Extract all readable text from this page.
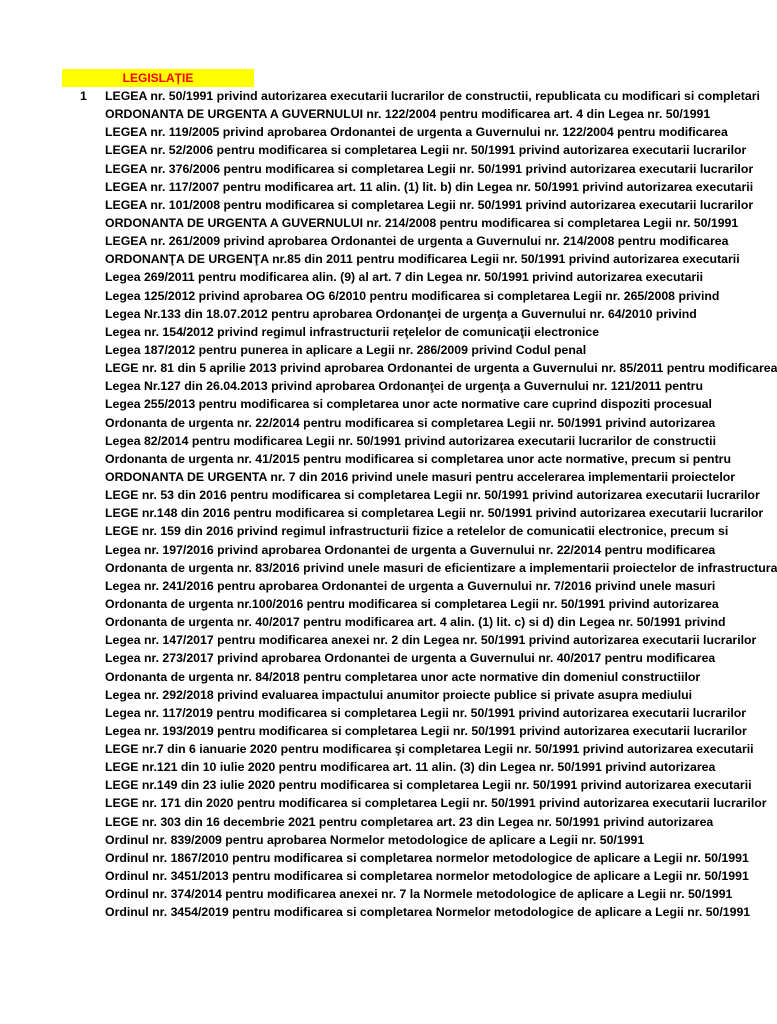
LEGISLAȚIE
1 LEGEA nr. 50/1991 privind autorizarea executarii lucrarilor de constructii, republicata cu modificari si completari
ORDONANTA DE URGENTA A GUVERNULUI nr. 122/2004 pentru modificarea art. 4 din Legea nr. 50/1991
LEGEA nr. 119/2005 privind aprobarea Ordonantei de urgenta a Guvernului nr. 122/2004 pentru modificarea
LEGEA nr. 52/2006 pentru modificarea si completarea Legii nr. 50/1991 privind autorizarea executarii lucrarilor
LEGEA nr. 376/2006 pentru modificarea si completarea Legii nr. 50/1991 privind autorizarea executarii lucrarilor
LEGEA nr. 117/2007 pentru modificarea art. 11 alin. (1) lit. b) din Legea nr. 50/1991 privind autorizarea executarii
LEGEA nr. 101/2008 pentru modificarea si completarea Legii nr. 50/1991 privind autorizarea executarii lucrarilor
ORDONANTA DE URGENTA A GUVERNULUI nr. 214/2008 pentru modificarea si completarea Legii nr. 50/1991
LEGEA nr. 261/2009 privind aprobarea Ordonantei de urgenta a Guvernului nr. 214/2008 pentru modificarea
ORDONANŢA DE URGENŢA nr.85 din 2011 pentru modificarea Legii nr. 50/1991 privind autorizarea executarii
Legea 269/2011 pentru modificarea alin. (9) al art. 7 din Legea nr. 50/1991 privind autorizarea executarii
Legea 125/2012 privind aprobarea OG 6/2010 pentru modificarea si completarea Legii nr. 265/2008 privind
Legea Nr.133 din 18.07.2012 pentru aprobarea Ordonanţei de urgenţa a Guvernului nr. 64/2010 privind
Legea nr. 154/2012 privind regimul infrastructurii reţelelor de comunicaţii electronice
Legea 187/2012 pentru punerea in aplicare a Legii nr. 286/2009 privind Codul penal
LEGE nr. 81 din 5 aprilie 2013 privind aprobarea Ordonantei de urgenta a Guvernului nr. 85/2011 pentru modificarea
Legea Nr.127 din 26.04.2013 privind aprobarea Ordonanţei de urgenţa a Guvernului nr. 121/2011 pentru
Legea 255/2013 pentru modificarea si completarea unor acte normative care cuprind dispoziti procesual
Ordonanta de urgenta nr. 22/2014 pentru modificarea si completarea Legii nr. 50/1991 privind autorizarea
Legea 82/2014 pentru modificarea Legii nr. 50/1991 privind autorizarea executarii lucrarilor de constructii
Ordonanta de urgenta nr. 41/2015 pentru modificarea si completarea unor acte normative, precum si pentru
ORDONANTA DE URGENTA nr. 7 din 2016 privind unele masuri pentru accelerarea implementarii proiectelor
LEGE nr. 53 din 2016 pentru modificarea si completarea Legii nr. 50/1991 privind autorizarea executarii lucrarilor
LEGE nr.148 din 2016 pentru modificarea si completarea Legii nr. 50/1991 privind autorizarea executarii lucrarilor
LEGE nr. 159 din 2016 privind regimul infrastructurii fizice a retelelor de comunicatii electronice, precum si
Legea nr. 197/2016 privind aprobarea Ordonantei de urgenta a Guvernului nr. 22/2014 pentru modificarea
Ordonanta de urgenta nr. 83/2016 privind unele masuri de eficientizare a implementarii proiectelor de infrastructura
Legea nr. 241/2016 pentru aprobarea Ordonantei de urgenta a Guvernului nr. 7/2016 privind unele masuri
Ordonanta de urgenta nr.100/2016 pentru modificarea si completarea Legii nr. 50/1991 privind autorizarea
Ordonanta de urgenta nr. 40/2017 pentru modificarea art. 4 alin. (1) lit. c) si d) din Legea nr. 50/1991 privind
Legea nr. 147/2017 pentru modificarea anexei nr. 2 din Legea nr. 50/1991 privind autorizarea executarii lucrarilor
Legea nr. 273/2017 privind aprobarea Ordonantei de urgenta a Guvernului nr. 40/2017 pentru modificarea
Ordonanta de urgenta nr. 84/2018 pentru completarea unor acte normative din domeniul constructiilor
Legea nr. 292/2018 privind evaluarea impactului anumitor proiecte publice si private asupra mediului
Legea nr. 117/2019 pentru modificarea si completarea Legii nr. 50/1991 privind autorizarea executarii lucrarilor
Legea nr. 193/2019 pentru modificarea si completarea Legii nr. 50/1991 privind autorizarea executarii lucrarilor
LEGE nr.7 din 6 ianuarie 2020 pentru modificarea şi completarea Legii nr. 50/1991 privind autorizarea executarii
LEGE nr.121 din 10 iulie 2020 pentru modificarea art. 11 alin. (3) din Legea nr. 50/1991 privind autorizarea
LEGE nr.149 din 23 iulie 2020 pentru modificarea si completarea Legii nr. 50/1991 privind autorizarea executarii
LEGE nr. 171 din 2020 pentru modificarea si completarea Legii nr. 50/1991 privind autorizarea executarii lucrarilor
LEGE nr. 303 din 16 decembrie 2021 pentru completarea art. 23 din Legea nr. 50/1991 privind autorizarea
Ordinul nr. 839/2009 pentru aprobarea Normelor metodologice de aplicare a Legii nr. 50/1991
Ordinul nr. 1867/2010 pentru modificarea si completarea normelor metodologice de aplicare a Legii nr. 50/1991
Ordinul nr. 3451/2013 pentru modificarea si completarea normelor metodologice de aplicare a Legii nr. 50/1991
Ordinul nr. 374/2014 pentru modificarea anexei nr. 7 la Normele metodologice de aplicare a Legii nr. 50/1991
Ordinul nr. 3454/2019 pentru modificarea si completarea Normelor metodologice de aplicare a Legii nr. 50/1991
